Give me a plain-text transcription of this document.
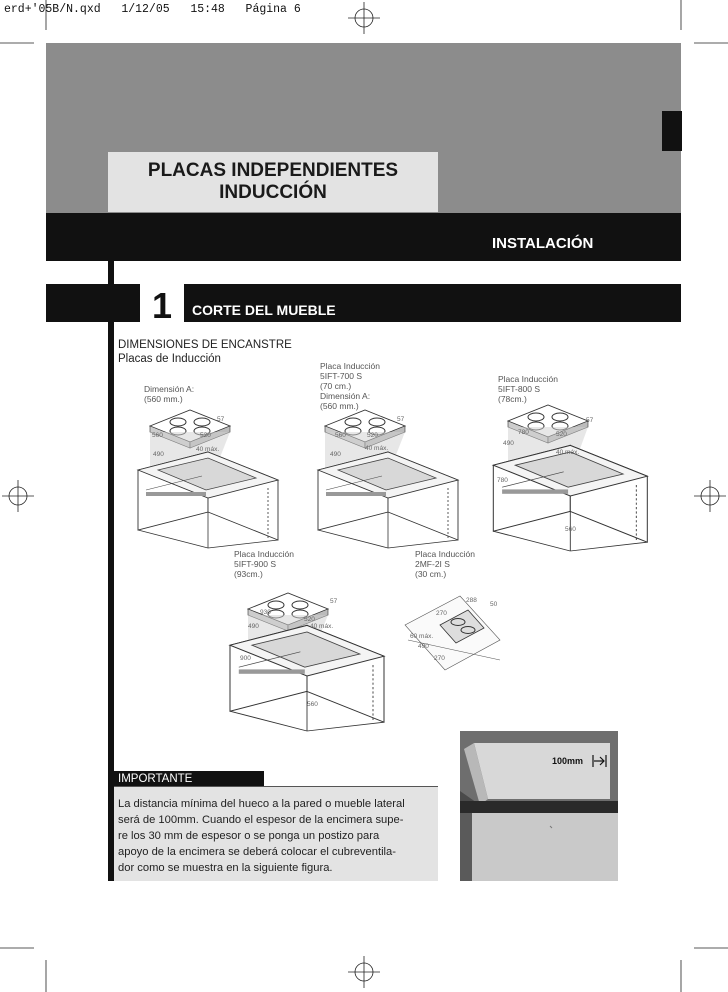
erd+'05B/N.qxd   1/12/05   15:48   Página 6
PLACAS INDEPENDIENTES
INDUCCIÓN
INSTALACIÓN
1	CORTE DEL MUEBLE
DIMENSIONES DE ENCANSTRE
Placas de Inducción
Dimensión A:
(560 mm.)
Placa Inducción
5IFT-700 S
(70 cm.)
Dimensión A:
(560 mm.)
Placa Inducción
5IFT-800 S
(78cm.)
Placa Inducción
5IFT-900 S
(93cm.)
Placa Inducción
2MF-2I S
(30 cm.)
57
560	520
40 máx.
490
57
560	520
40 máx.
490
57
780	520
40 máx.
490
780
560
57
930
520
40 máx.
490
900
560
288
50
270
60 máx.
490
270
IMPORTANTE
La distancia mínima del hueco a la pared o mueble lateral
será de 100mm. Cuando el espesor de la encimera supe-
re los 30 mm de espesor o se ponga un postizo para
apoyo de la encimera se deberá colocar el cubreventila-
dor como se muestra en la siguiente figura.
100mm
